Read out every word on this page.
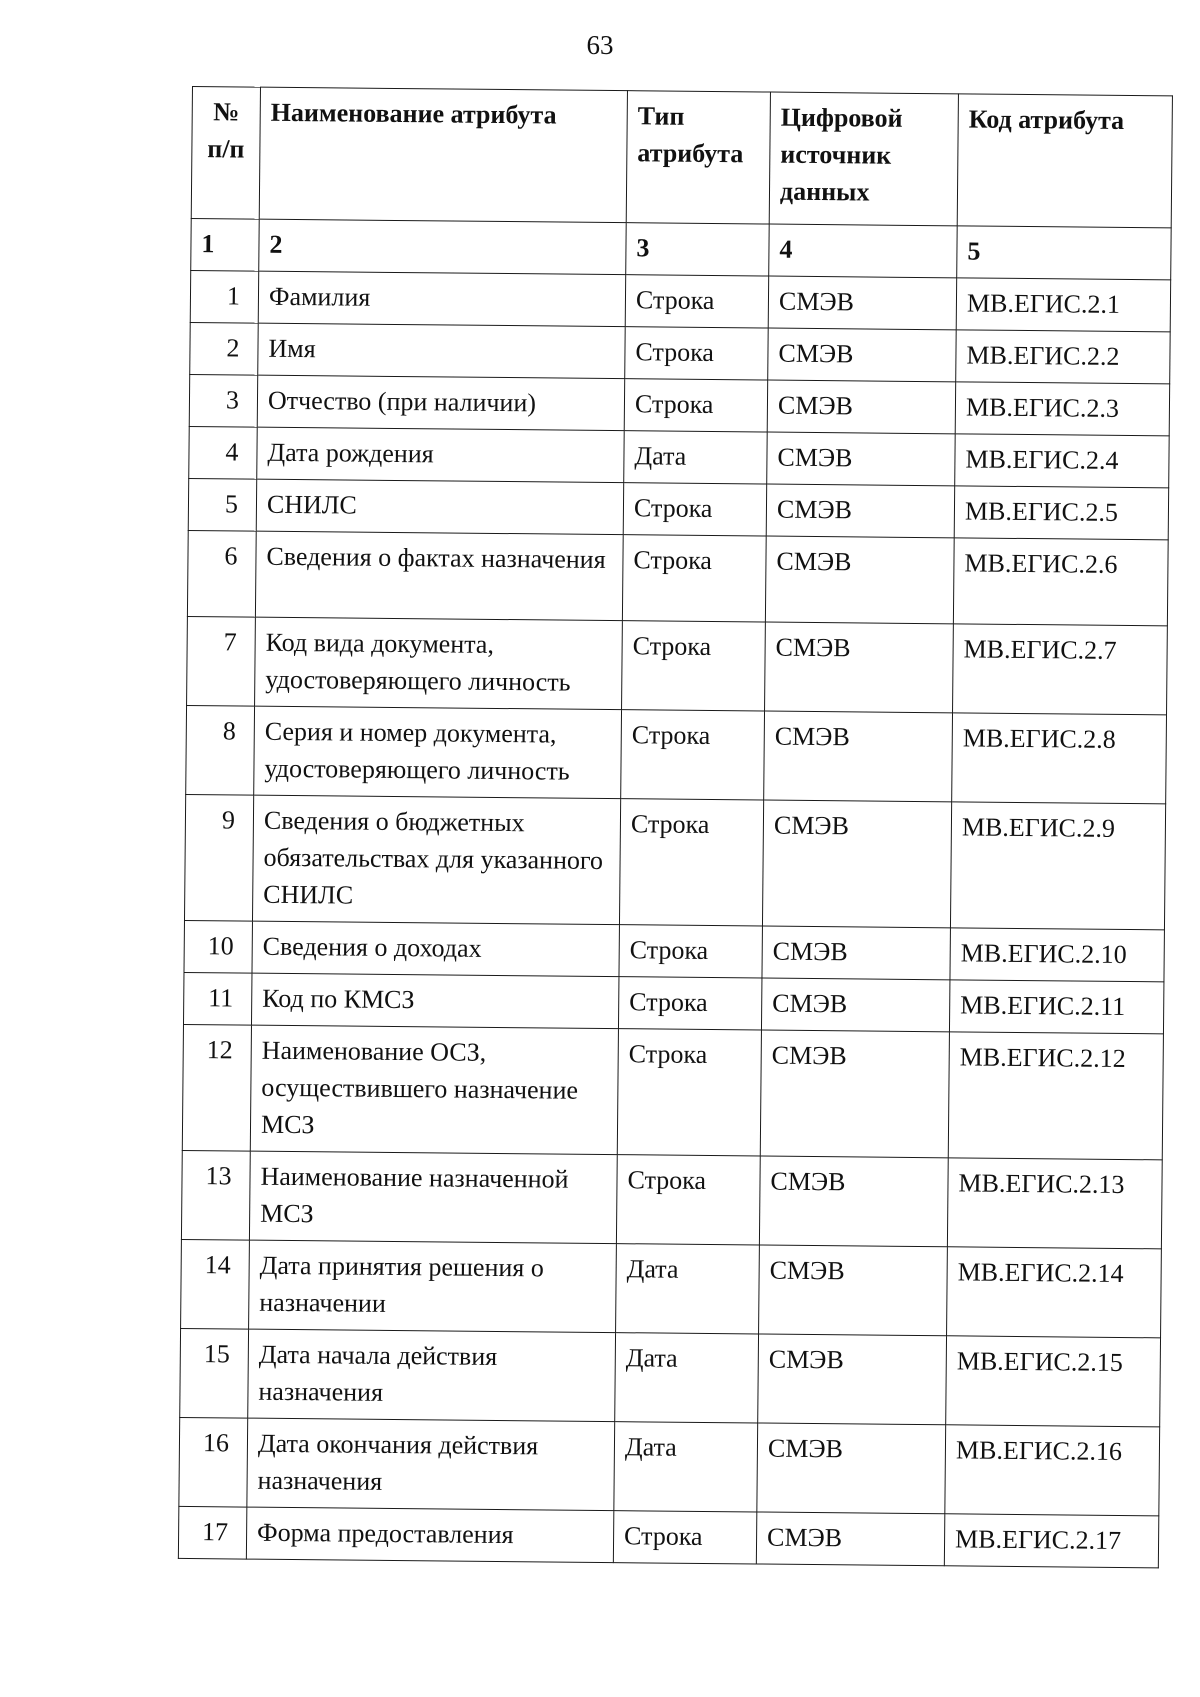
63
№ п/п	Наименование атрибута	Тип атрибута	Цифровой источник данных	Код атрибута
1	2	3	4	5
1	Фамилия	Строка	СМЭВ	МВ.ЕГИС.2.1
2	Имя	Строка	СМЭВ	МВ.ЕГИС.2.2
3	Отчество (при наличии)	Строка	СМЭВ	МВ.ЕГИС.2.3
4	Дата рождения	Дата	СМЭВ	МВ.ЕГИС.2.4
5	СНИЛС	Строка	СМЭВ	МВ.ЕГИС.2.5
6	Сведения о фактах назначения	Строка	СМЭВ	МВ.ЕГИС.2.6
7	Код вида документа, удостоверяющего личность	Строка	СМЭВ	МВ.ЕГИС.2.7
8	Серия и номер документа, удостоверяющего личность	Строка	СМЭВ	МВ.ЕГИС.2.8
9	Сведения о бюджетных обязательствах для указанного СНИЛС	Строка	СМЭВ	МВ.ЕГИС.2.9
10	Сведения о доходах	Строка	СМЭВ	МВ.ЕГИС.2.10
11	Код по КМСЗ	Строка	СМЭВ	МВ.ЕГИС.2.11
12	Наименование ОСЗ, осуществившего назначение МСЗ	Строка	СМЭВ	МВ.ЕГИС.2.12
13	Наименование назначенной МСЗ	Строка	СМЭВ	МВ.ЕГИС.2.13
14	Дата принятия решения о назначении	Дата	СМЭВ	МВ.ЕГИС.2.14
15	Дата начала действия назначения	Дата	СМЭВ	МВ.ЕГИС.2.15
16	Дата окончания действия назначения	Дата	СМЭВ	МВ.ЕГИС.2.16
17	Форма предоставления	Строка	СМЭВ	МВ.ЕГИС.2.17
